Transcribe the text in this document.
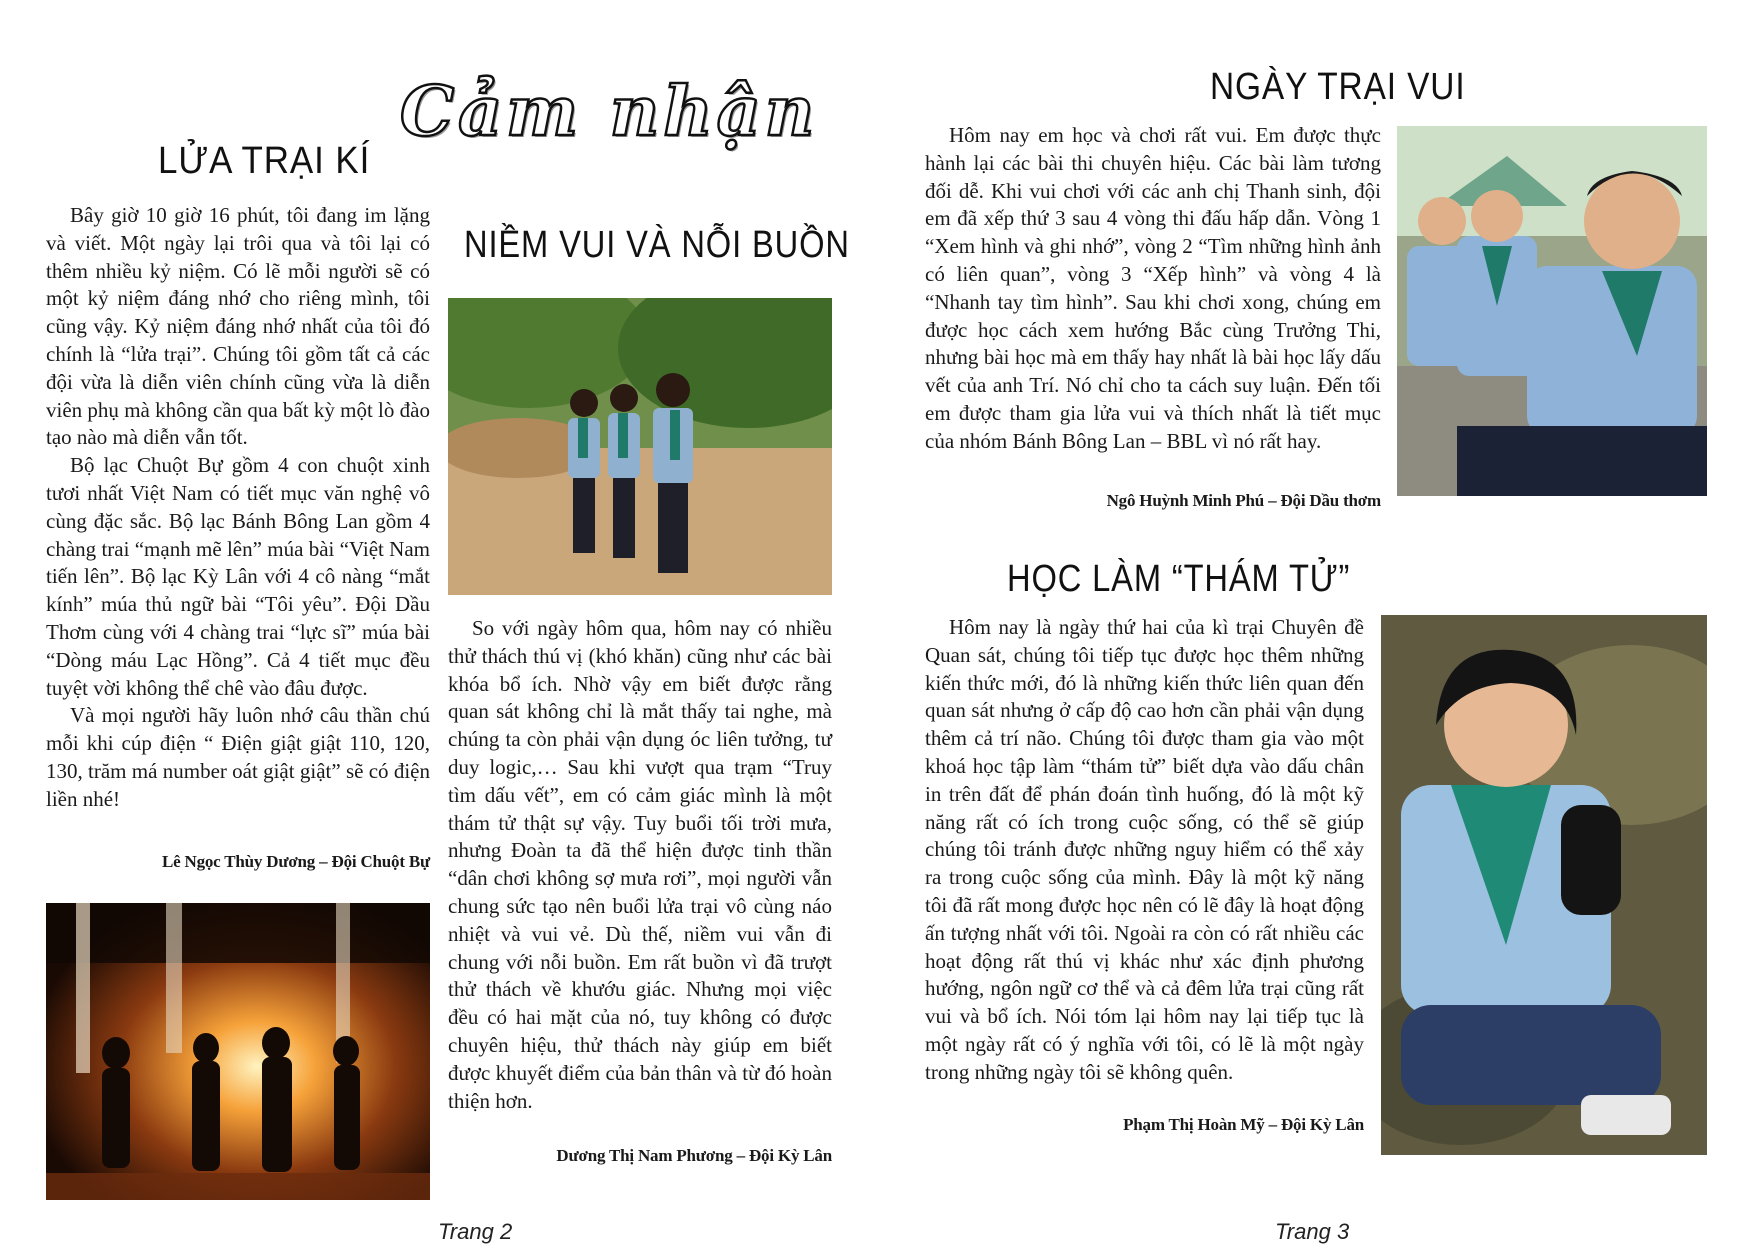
Cảm nhận
LỬA TRẠI KÍ

Bây giờ 10 giờ 16 phút, tôi đang im lặng và viết. Một ngày lại trôi qua và tôi lại có thêm nhiều kỷ niệm. Có lẽ mỗi người sẽ có một kỷ niệm đáng nhớ cho riêng mình, tôi cũng vậy. Kỷ niệm đáng nhớ nhất của tôi đó chính là “lửa trại”. Chúng tôi gồm tất cả các đội vừa là diễn viên chính cũng vừa là diễn viên phụ mà không cần qua bất kỳ một lò đào tạo nào mà diễn vẫn tốt.

Bộ lạc Chuột Bự gồm 4 con chuột xinh tươi nhất Việt Nam có tiết mục văn nghệ vô cùng đặc sắc. Bộ lạc Bánh Bông Lan gồm 4 chàng trai “mạnh mẽ lên” múa bài “Việt Nam tiến lên”. Bộ lạc Kỳ Lân với 4 cô nàng “mắt kính” múa thủ ngữ bài “Tôi yêu”. Đội Dầu Thơm cùng với 4 chàng trai “lực sĩ” múa bài “Dòng máu Lạc Hồng”. Cả 4 tiết mục đều tuyệt vời không thể chê vào đâu được.

Và mọi người hãy luôn nhớ câu thần chú mỗi khi cúp điện “ Điện giật giật 110, 120, 130, trăm má number oát giật giật” sẽ có điện liền nhé!

Lê Ngọc Thùy Dương – Đội Chuột Bự
NIỀM VUI VÀ NỖI BUỒN

So với ngày hôm qua, hôm nay có nhiều thử thách thú vị (khó khăn) cũng như các bài khóa bổ ích. Nhờ vậy em biết được rằng quan sát không chỉ là mắt thấy tai nghe, mà chúng ta còn phải vận dụng óc liên tưởng, tư duy logic,… Sau khi vượt qua trạm “Truy tìm dấu vết”, em có cảm giác mình là một thám tử thật sự vậy. Tuy buổi tối trời mưa, nhưng Đoàn ta đã thể hiện được tinh thần “dân chơi không sợ mưa rơi”, mọi người vẫn chung sức tạo nên buổi lửa trại vô cùng náo nhiệt và vui vẻ. Dù thế, niềm vui vẫn đi chung với nỗi buồn. Em rất buồn vì đã trượt thử thách về khướu giác. Nhưng mọi việc đều có hai mặt của nó, tuy không có được chuyên hiệu, thử thách này giúp em biết được khuyết điểm của bản thân và từ đó hoàn thiện hơn.

Dương Thị Nam Phương – Đội Kỳ Lân
NGÀY TRẠI VUI

Hôm nay em học và chơi rất vui. Em được thực hành lại các bài thi chuyên hiệu. Các bài làm tương đối dễ. Khi vui chơi với các anh chị Thanh sinh, đội em đã xếp thứ 3 sau 4 vòng thi đấu hấp dẫn. Vòng 1 “Xem hình và ghi nhớ”, vòng 2 “Tìm những hình ảnh có liên quan”, vòng 3 “Xếp hình” và vòng 4 là “Nhanh tay tìm hình”. Sau khi chơi xong, chúng em được học cách xem hướng Bắc cùng Trưởng Thi, nhưng bài học mà em thấy hay nhất là bài học lấy dấu vết của anh Trí. Nó chỉ cho ta cách suy luận. Đến tối em được tham gia lửa vui và thích nhất là tiết mục của nhóm Bánh Bông Lan – BBL vì nó rất hay.

Ngô Huỳnh Minh Phú – Đội Dầu thơm
HỌC LÀM “THÁM TỬ”

Hôm nay là ngày thứ hai của kì trại Chuyên đề Quan sát, chúng tôi tiếp tục được học thêm những kiến thức mới, đó là những kiến thức liên quan đến quan sát nhưng ở cấp độ cao hơn cần phải vận dụng thêm cả trí não. Chúng tôi được tham gia vào một khoá học tập làm “thám tử” biết dựa vào dấu chân in trên đất để phán đoán tình huống, đó là một kỹ năng rất có ích trong cuộc sống, có thể sẽ giúp chúng tôi tránh được những nguy hiểm có thể xảy ra trong cuộc sống của mình. Đây là một kỹ năng tôi đã rất mong được học nên có lẽ đây là hoạt động ấn tượng nhất với tôi. Ngoài ra còn có rất nhiều các hoạt động rất thú vị khác như xác định phương hướng, ngôn ngữ cơ thể và cả đêm lửa trại cũng rất vui và bổ ích. Nói tóm lại hôm nay lại tiếp tục là một ngày rất có ý nghĩa với tôi, có lẽ là một ngày trong những ngày tôi sẽ không quên.

Phạm Thị Hoàn Mỹ – Đội Kỳ Lân
Trang 2	Trang 3
